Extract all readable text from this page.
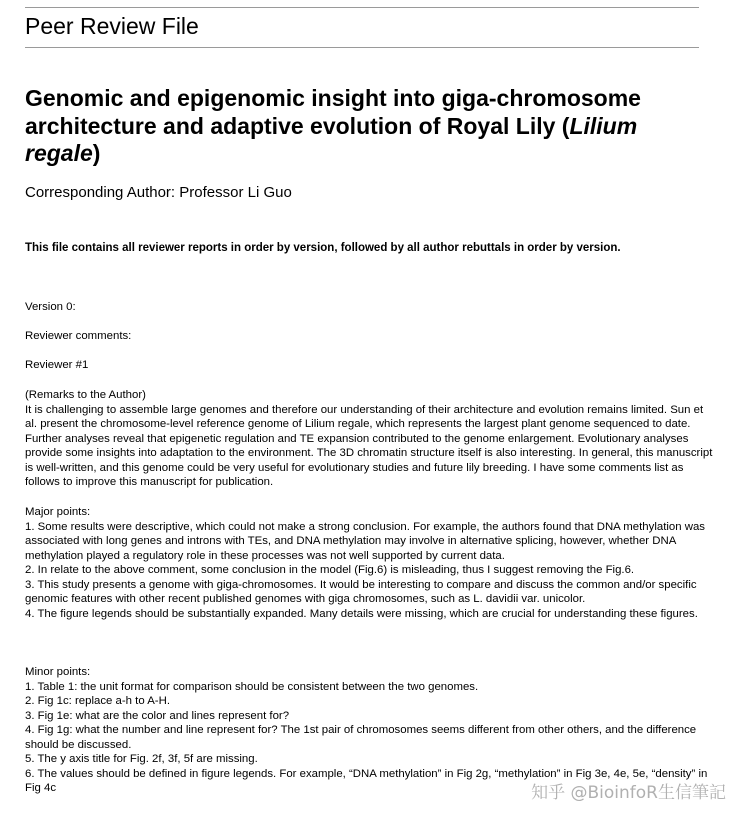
Peer Review File
Genomic and epigenomic insight into giga-chromosome architecture and adaptive evolution of Royal Lily (Lilium regale)
Corresponding Author: Professor Li Guo
This file contains all reviewer reports in order by version, followed by all author rebuttals in order by version.
Version 0:
Reviewer comments:
Reviewer #1

(Remarks to the Author)

It is challenging to assemble large genomes and therefore our understanding of their architecture and evolution remains limited. Sun et al. present the chromosome-level reference genome of Lilium regale, which represents the largest plant genome sequenced to date. Further analyses reveal that epigenetic regulation and TE expansion contributed to the genome enlargement. Evolutionary analyses provide some insights into adaptation to the environment. The 3D chromatin structure itself is also interesting. In general, this manuscript is well-written, and this genome could be very useful for evolutionary studies and future lily breeding. I have some comments list as follows to improve this manuscript for publication.

Major points:

1. Some results were descriptive, which could not make a strong conclusion. For example, the authors found that DNA methylation was associated with long genes and introns with TEs, and DNA methylation may involve in alternative splicing, however, whether DNA methylation played a regulatory role in these processes was not well supported by current data.

2. In relate to the above comment, some conclusion in the model (Fig.6) is misleading, thus I suggest removing the Fig.6.

3. This study presents a genome with giga-chromosomes. It would be interesting to compare and discuss the common and/or specific genomic features with other recent published genomes with giga chromosomes, such as L. davidii var. unicolor.

4. The figure legends should be substantially expanded. Many details were missing, which are crucial for understanding these figures.

Minor points:

1. Table 1: the unit format for comparison should be consistent between the two genomes.

2. Fig 1c: replace a-h to A-H.

3. Fig 1e: what are the color and lines represent for?

4. Fig 1g: what the number and line represent for? The 1st pair of chromosomes seems different from other others, and the difference should be discussed.

5. The y axis title for Fig. 2f, 3f, 5f are missing.

6. The values should be defined in figure legends. For example, “DNA methylation” in Fig 2g, “methylation” in Fig 3e, 4e, 5e, “density” in Fig 4c	知乎 @BioinfoR生信筆記
